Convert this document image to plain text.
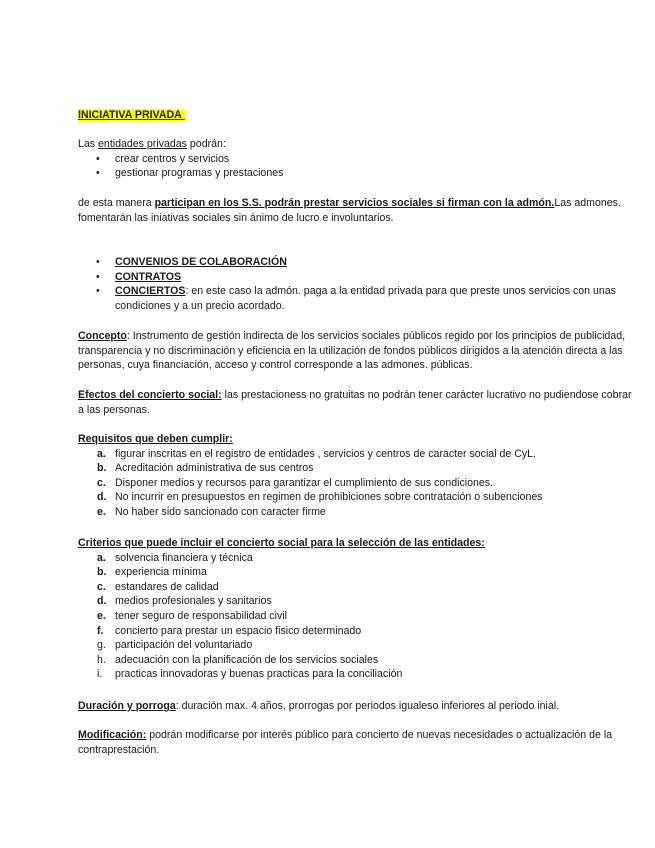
INICIATIVA PRIVADA
Las entidades privadas podrán:
• crear centros y servicios
• gestionar programas y prestaciones
de esta manera participan en los S.S. podrán prestar servicios sociales si firman con la admón.Las admones. fomentarán las iniativas sociales sin ánimo de lucro e involuntarios.
• CONVENIOS DE COLABORACIÓN
• CONTRATOS
• CONCIERTOS: en este caso la admón. paga a la entidad privada para que preste unos servicios con unas condiciones y a un precio acordado.
Concepto: Instrumento de gestión indirecta de los servicios sociales públicos regido por los principios de publicidad, transparencia y no discriminación y eficiencia en la utilización de fondos públicos dirigidos a la atención directa a las personas, cuya financiación, acceso y control corresponde a las admones. públicas.
Efectos del concierto social: las prestacioness no gratuitas no podrán tener carácter lucrativo no pudiendose cobrar a las personas.
Requisitos que deben cumplir:
a. figurar inscritas en el registro de entidades , servicios y centros de caracter social de CyL.
b. Acreditación administrativa de sus centros
c. Disponer medios y recursos para garantizar el cumplimiento de sus condiciones.
d. No incurrir en presupuestos en regimen de prohibiciones sobre contratación o subenciones
e. No haber sido sancionado con caracter firme
Criterios que puede incluir el concierto social para la selección de las entidades:
a. solvencia financiera y técnica
b. experiencia mínima
c. estandares de calidad
d. medios profesionales y sanitarios
e. tener seguro de responsabilidad civil
f. concierto para prestar un espacio fisico determinado
g. participación del voluntariado
h. adecuación con la planificación de los servicios sociales
i. practicas innovadoras y buenas practicas para la conciliación
Duración y porroga: duración max. 4 años, prorrogas por periodos igualeso inferiores al periodo inial.
Modificación: podrán modificarse por interés público para concierto de nuevas necesidades o actualización de la contraprestación.
